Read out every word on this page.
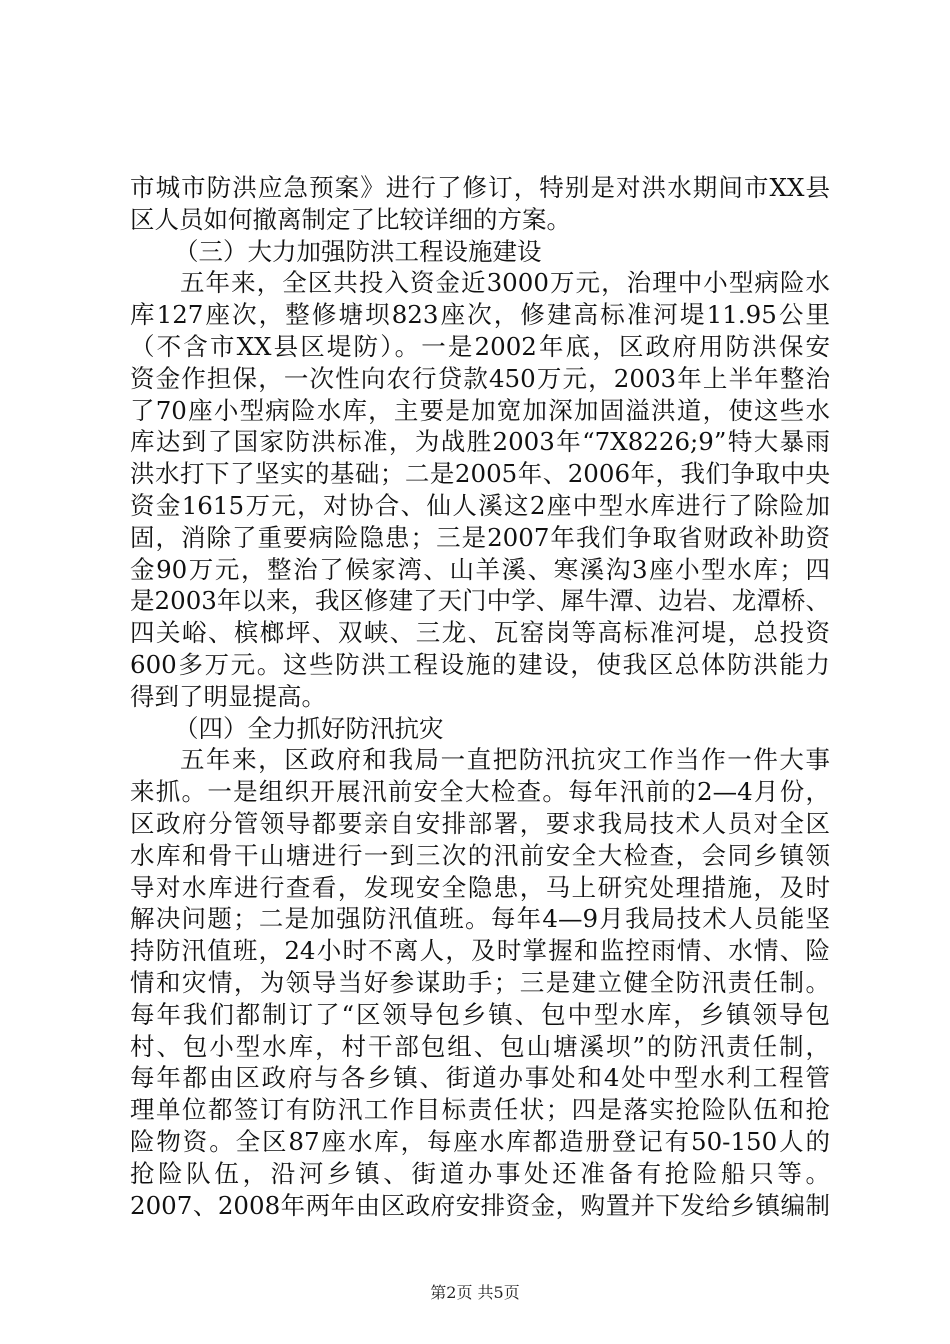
市城市防洪应急预案》进行了修订，特别是对洪水期间市XX县
区人员如何撤离制定了比较详细的方案。
（三）大力加强防洪工程设施建设
五年来，全区共投入资金近3000万元，治理中小型病险水
库127座次，整修塘坝823座次，修建高标准河堤11.95公里
（不含市XX县区堤防）。一是2002年底，区政府用防洪保安
资金作担保，一次性向农行贷款450万元，2003年上半年整治
了70座小型病险水库，主要是加宽加深加固溢洪道，使这些水
库达到了国家防洪标准，为战胜2003年“7X8226;9”特大暴雨
洪水打下了坚实的基础；二是2005年、2006年，我们争取中央
资金1615万元，对协合、仙人溪这2座中型水库进行了除险加
固，消除了重要病险隐患；三是2007年我们争取省财政补助资
金90万元，整治了候家湾、山羊溪、寒溪沟3座小型水库；四
是2003年以来，我区修建了天门中学、犀牛潭、边岩、龙潭桥、
四关峪、槟榔坪、双峡、三龙、瓦窑岗等高标准河堤，总投资
600多万元。这些防洪工程设施的建设，使我区总体防洪能力
得到了明显提高。
（四）全力抓好防汛抗灾
五年来，区政府和我局一直把防汛抗灾工作当作一件大事
来抓。一是组织开展汛前安全大检查。每年汛前的2—4月份，
区政府分管领导都要亲自安排部署，要求我局技术人员对全区
水库和骨干山塘进行一到三次的汛前安全大检查，会同乡镇领
导对水库进行查看，发现安全隐患，马上研究处理措施，及时
解决问题；二是加强防汛值班。每年4—9月我局技术人员能坚
持防汛值班，24小时不离人，及时掌握和监控雨情、水情、险
情和灾情，为领导当好参谋助手；三是建立健全防汛责任制。
每年我们都制订了“区领导包乡镇、包中型水库，乡镇领导包
村、包小型水库，村干部包组、包山塘溪坝”的防汛责任制，
每年都由区政府与各乡镇、街道办事处和4处中型水利工程管
理单位都签订有防汛工作目标责任状；四是落实抢险队伍和抢
险物资。全区87座水库，每座水库都造册登记有50-150人的
抢险队伍，沿河乡镇、街道办事处还准备有抢险船只等。
2007、2008年两年由区政府安排资金，购置并下发给乡镇编制
第2页 共5页
